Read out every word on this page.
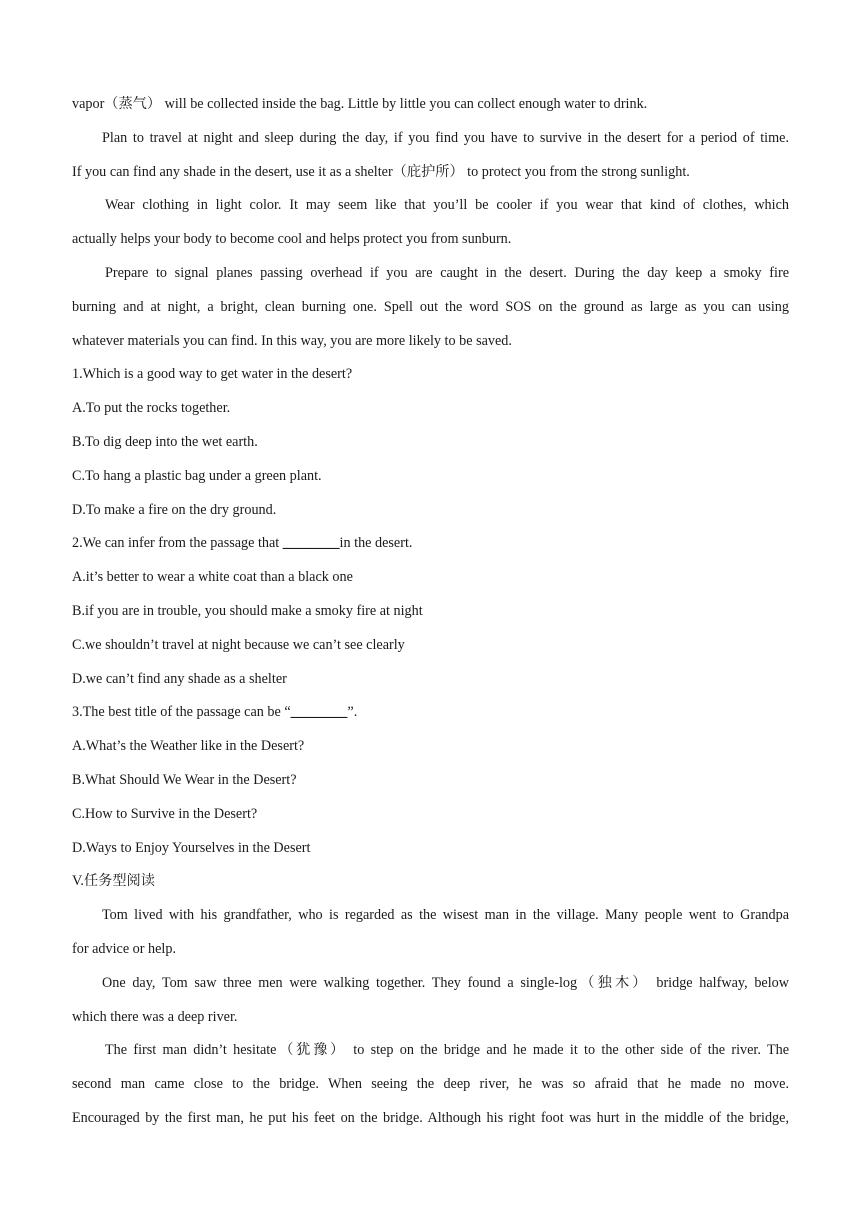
vapor（蒸气） will be collected inside the bag. Little by little you can collect enough water to drink.
Plan to travel at night and sleep during the day, if you find you have to survive in the desert for a period of time.
If you can find any shade in the desert, use it as a shelter（庇护所） to protect you from the strong sunlight.
Wear clothing in light color. It may seem like that you’ll be cooler if you wear that kind of clothes, which
actually helps your body to become cool and helps protect you from sunburn.
Prepare to signal planes passing overhead if you are caught in the desert. During the day keep a smoky fire
burning and at night, a bright, clean burning one. Spell out the word SOS on the ground as large as you can using
whatever materials you can find. In this way, you are more likely to be saved.
1.Which is a good way to get water in the desert?
A.To put the rocks together.
B.To dig deep into the wet earth.
C.To hang a plastic bag under a green plant.
D.To make a fire on the dry ground.
2.We can infer from the passage that ________in the desert.
A.it’s better to wear a white coat than a black one
B.if you are in trouble, you should make a smoky fire at night
C.we shouldn’t travel at night because we can’t see clearly
D.we can’t find any shade as a shelter
3.The best title of the passage can be “________”.
A.What’s the Weather like in the Desert?
B.What Should We Wear in the Desert?
C.How to Survive in the Desert?
D.Ways to Enjoy Yourselves in the Desert
V.任务型阅读
Tom lived with his grandfather, who is regarded as the wisest man in the village. Many people went to Grandpa
for advice or help.
One day, Tom saw three men were walking together. They found a single-log（独木） bridge halfway, below
which there was a deep river.
The first man didn’t hesitate（犹豫） to step on the bridge and he made it to the other side of the river. The
second man came close to the bridge. When seeing the deep river, he was so afraid that he made no move.
Encouraged by the first man, he put his feet on the bridge. Although his right foot was hurt in the middle of the bridge,
